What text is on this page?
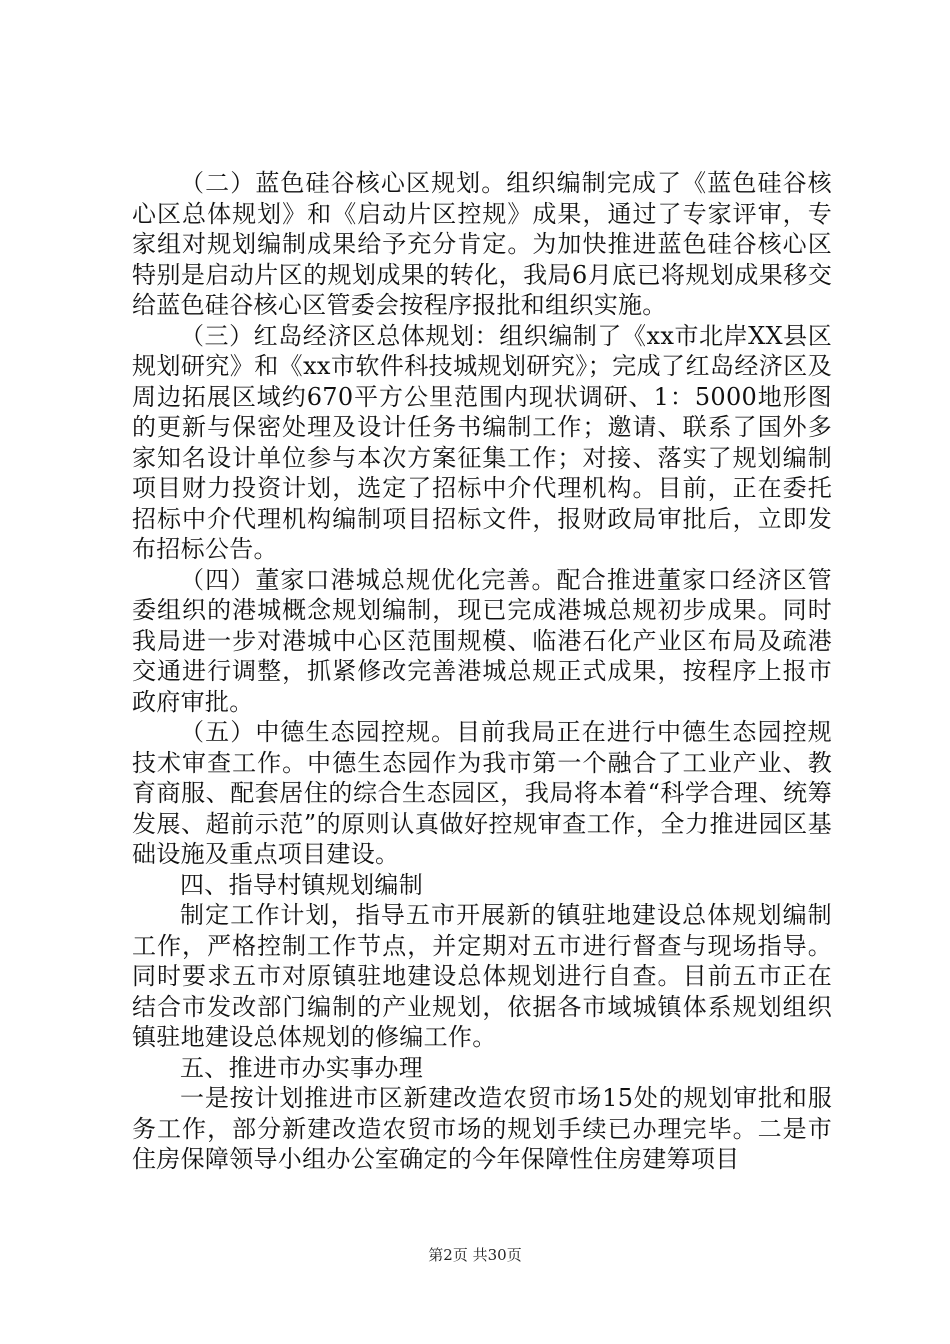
（二）蓝色硅谷核心区规划。组织编制完成了《蓝色硅谷核心区总体规划》和《启动片区控规》成果，通过了专家评审，专家组对规划编制成果给予充分肯定。为加快推进蓝色硅谷核心区特别是启动片区的规划成果的转化，我局6月底已将规划成果移交给蓝色硅谷核心区管委会按程序报批和组织实施。

（三）红岛经济区总体规划：组织编制了《xx市北岸XX县区规划研究》和《xx市软件科技城规划研究》；完成了红岛经济区及周边拓展区域约670平方公里范围内现状调研、1：5000地形图的更新与保密处理及设计任务书编制工作；邀请、联系了国外多家知名设计单位参与本次方案征集工作；对接、落实了规划编制项目财力投资计划，选定了招标中介代理机构。目前，正在委托招标中介代理机构编制项目招标文件，报财政局审批后，立即发布招标公告。

（四）董家口港城总规优化完善。配合推进董家口经济区管委组织的港城概念规划编制，现已完成港城总规初步成果。同时我局进一步对港城中心区范围规模、临港石化产业区布局及疏港交通进行调整，抓紧修改完善港城总规正式成果，按程序上报市政府审批。

（五）中德生态园控规。目前我局正在进行中德生态园控规技术审查工作。中德生态园作为我市第一个融合了工业产业、教育商服、配套居住的综合生态园区，我局将本着“科学合理、统筹发展、超前示范”的原则认真做好控规审查工作，全力推进园区基础设施及重点项目建设。

四、指导村镇规划编制

制定工作计划，指导五市开展新的镇驻地建设总体规划编制工作，严格控制工作节点，并定期对五市进行督查与现场指导。同时要求五市对原镇驻地建设总体规划进行自查。目前五市正在结合市发改部门编制的产业规划，依据各市域城镇体系规划组织镇驻地建设总体规划的修编工作。

五、推进市办实事办理

一是按计划推进市区新建改造农贸市场15处的规划审批和服务工作，部分新建改造农贸市场的规划手续已办理完毕。二是市住房保障领导小组办公室确定的今年保障性住房建筹项目

第2页 共30页
